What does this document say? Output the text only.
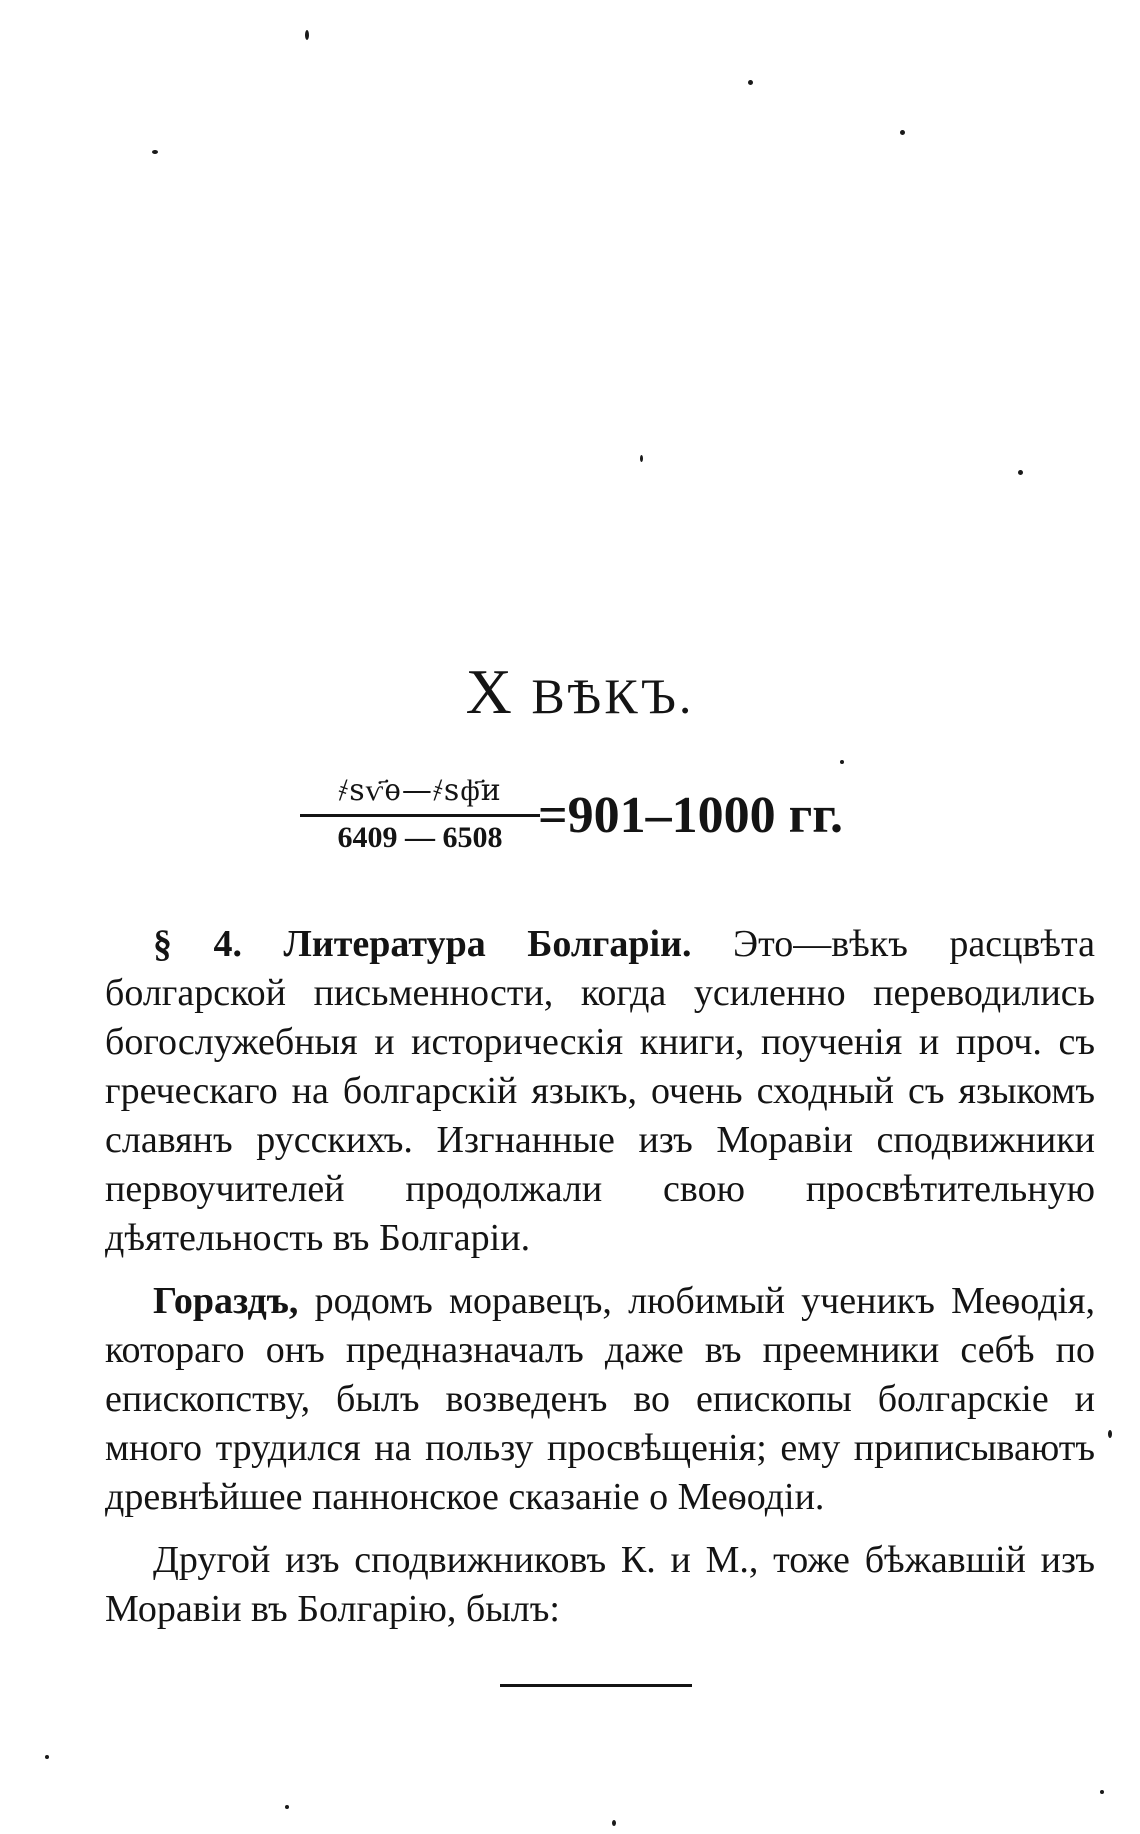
X ВѢКЪ.
҂ѕѵ҃ѳ—҂ѕф҃и
6409 — 6508 =901–1000 гг.

§ 4. Литература Болгаріи. Это—вѣкъ расцвѣта болгарской письменности, когда усиленно переводились богослужебныя и историческія книги, поученія и проч. съ греческаго на болгарскій языкъ, очень сходный съ языкомъ славянъ русскихъ. Изгнанные изъ Моравіи сподвижники первоучителей продолжали свою просвѣтительную дѣятельность въ Болгаріи.

Гораздъ, родомъ моравецъ, любимый ученикъ Меѳодія, котораго онъ предназначалъ даже въ преемники себѣ по епископству, былъ возведенъ во епископы болгарскіе и много трудился на пользу просвѣщенія; ему приписываютъ древнѣйшее паннонское сказаніе о Меѳодіи.

Другой изъ сподвижниковъ К. и М., тоже бѣжавшій изъ Моравіи въ Болгарію, былъ:
